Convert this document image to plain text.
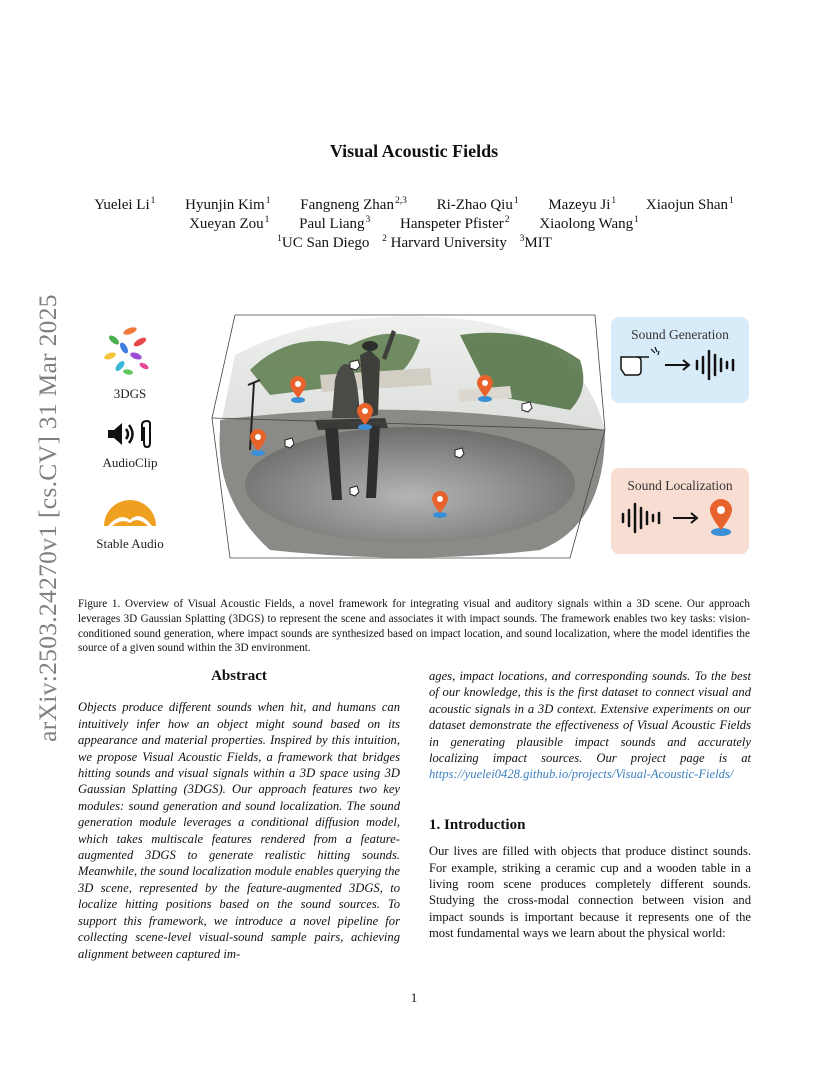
arXiv:2503.24270v1 [cs.CV] 31 Mar 2025
Visual Acoustic Fields
Yuelei Li$^1$ Hyunjin Kim$^1$ Fangneng Zhan$^{2,3}$ Ri-Zhao Qiu$^1$ Mazeyu Ji$^1$ Xiaojun Shan$^1$
Xueyan Zou$^1$ Paul Liang$^3$ Hanspeter Pfister$^2$ Xiaolong Wang$^1$
$^1$UC San Diego $^2$ Harvard University $^3$MIT
3DGS
AudioClip
Stable Audio
Sound Generation
Sound Localization
Figure 1. Overview of Visual Acoustic Fields, a novel framework for integrating visual and auditory signals within a 3D scene. Our approach leverages 3D Gaussian Splatting (3DGS) to represent the scene and associates it with impact sounds. The framework enables two key tasks: vision-conditioned sound generation, where impact sounds are synthesized based on impact location, and sound localization, where the model identifies the source of a given sound within the 3D environment.
Abstract
Objects produce different sounds when hit, and humans can intuitively infer how an object might sound based on its appearance and material properties. Inspired by this intuition, we propose Visual Acoustic Fields, a framework that bridges hitting sounds and visual signals within a 3D space using 3D Gaussian Splatting (3DGS). Our approach features two key modules: sound generation and sound localization. The sound generation module leverages a conditional diffusion model, which takes multiscale features rendered from a feature-augmented 3DGS to generate realistic hitting sounds. Meanwhile, the sound localization module enables querying the 3D scene, represented by the feature-augmented 3DGS, to localize hitting positions based on the sound sources. To support this framework, we introduce a novel pipeline for collecting scene-level visual-sound sample pairs, achieving alignment between captured im-
ages, impact locations, and corresponding sounds. To the best of our knowledge, this is the first dataset to connect visual and acoustic signals in a 3D context. Extensive experiments on our dataset demonstrate the effectiveness of Visual Acoustic Fields in generating plausible impact sounds and accurately localizing impact sources. Our project page is at https://yuelei0428.github.io/projects/Visual-Acoustic-Fields/
1. Introduction
Our lives are filled with objects that produce distinct sounds. For example, striking a ceramic cup and a wooden table in a living room scene produces completely different sounds. Studying the cross-modal connection between vision and impact sounds is important because it represents one of the most fundamental ways we learn about the physical world:
1
